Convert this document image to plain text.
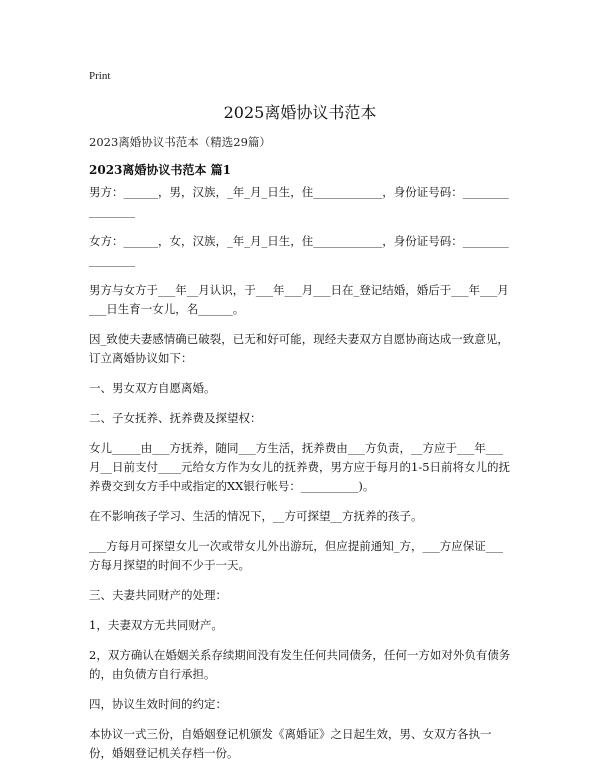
Print
2025离婚协议书范本
2023离婚协议书范本（精选29篇）
2023离婚协议书范本 篇1

男方：______，男，汉族，_年_月_日生，住____________，身份证号码：________________

女方：______，女，汉族，_年_月_日生，住____________，身份证号码：________________

男方与女方于___年__月认识，于___年___月___日在_登记结婚，婚后于___年___月___日生育一女儿，名______。

因_致使夫妻感情确已破裂，已无和好可能，现经夫妻双方自愿协商达成一致意见，订立离婚协议如下：

一、男女双方自愿离婚。

二、子女抚养、抚养费及探望权：

女儿_____由___方抚养，随同___方生活，抚养费由___方负责，__方应于___年___月__日前支付____元给女方作为女儿的抚养费，男方应于每月的1-5日前将女儿的抚养费交到女方手中或指定的XX银行帐号：__________)。

在不影响孩子学习、生活的情况下，__方可探望__方抚养的孩子。

___方每月可探望女儿一次或带女儿外出游玩，但应提前通知_方，___方应保证___方每月探望的时间不少于一天。

三、夫妻共同财产的处理：

1，夫妻双方无共同财产。

2，双方确认在婚姻关系存续期间没有发生任何共同债务，任何一方如对外负有债务的，由负债方自行承担。

四，协议生效时间的约定：

本协议一式三份，自婚姻登记机颁发《离婚证》之日起生效，男、女双方各执一份，婚姻登记机关存档一份。
